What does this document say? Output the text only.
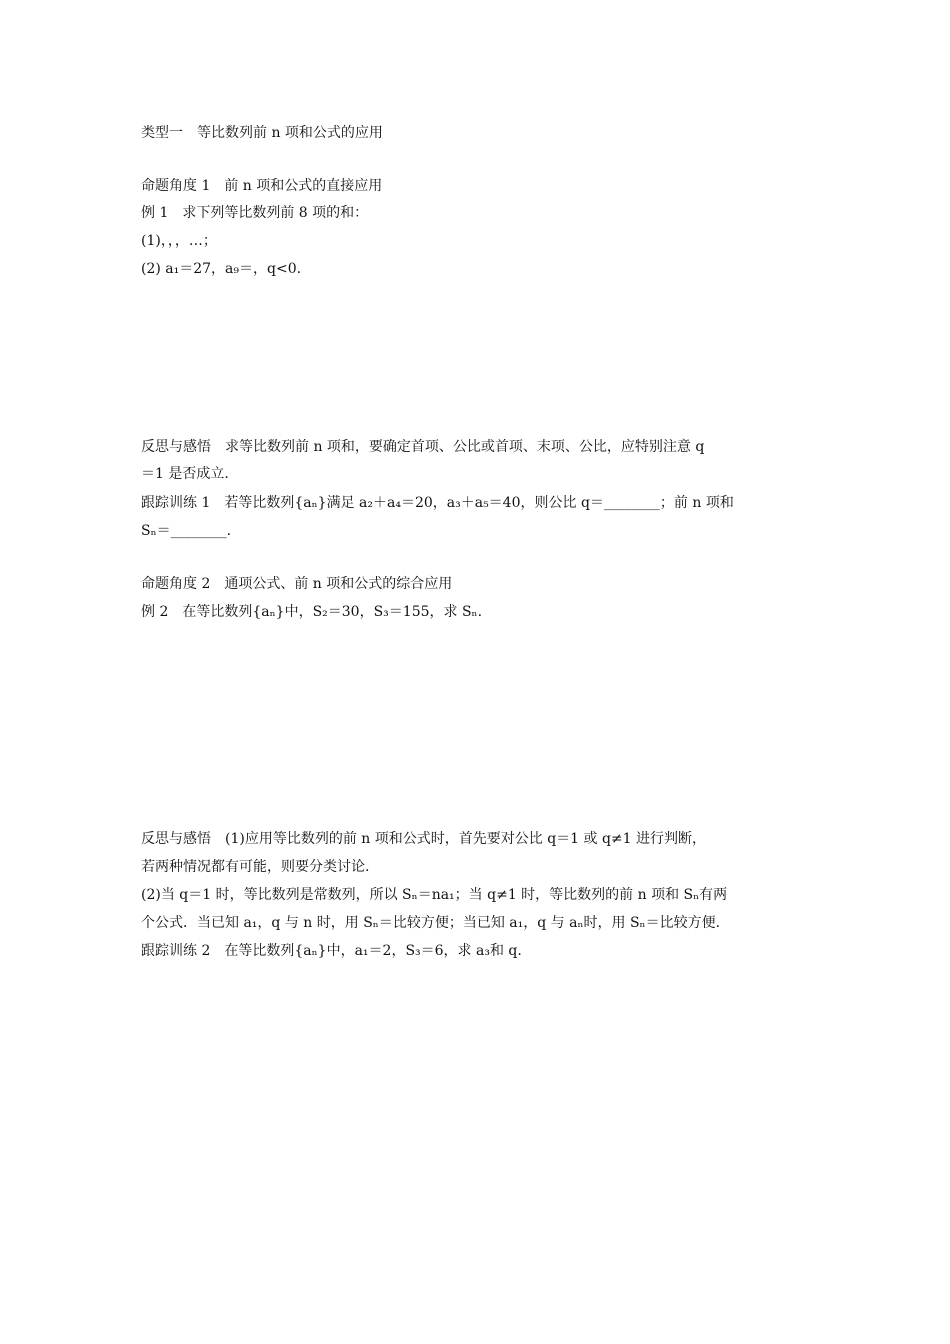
类型一　等比数列前 n 项和公式的应用
命题角度 1　前 n 项和公式的直接应用
例 1　求下列等比数列前 8 项的和：
(1)，，，…；
(2) a₁＝27，a₉＝，q<0.
反思与感悟　求等比数列前 n 项和，要确定首项、公比或首项、末项、公比，应特别注意 q
＝1 是否成立.
跟踪训练 1　若等比数列{aₙ}满足 a₂＋a₄＝20，a₃＋a₅＝40，则公比 q＝________；前 n 项和
Sₙ＝________.
命题角度 2　通项公式、前 n 项和公式的综合应用
例 2　在等比数列{aₙ}中，S₂＝30，S₃＝155，求 Sₙ.
反思与感悟　(1)应用等比数列的前 n 项和公式时，首先要对公比 q＝1 或 q≠1 进行判断，
若两种情况都有可能，则要分类讨论.
(2)当 q＝1 时，等比数列是常数列，所以 Sₙ＝na₁；当 q≠1 时，等比数列的前 n 项和 Sₙ有两
个公式．当已知 a₁，q 与 n 时，用 Sₙ＝比较方便；当已知 a₁，q 与 aₙ时，用 Sₙ＝比较方便.
跟踪训练 2　在等比数列{aₙ}中，a₁＝2，S₃＝6，求 a₃和 q.
